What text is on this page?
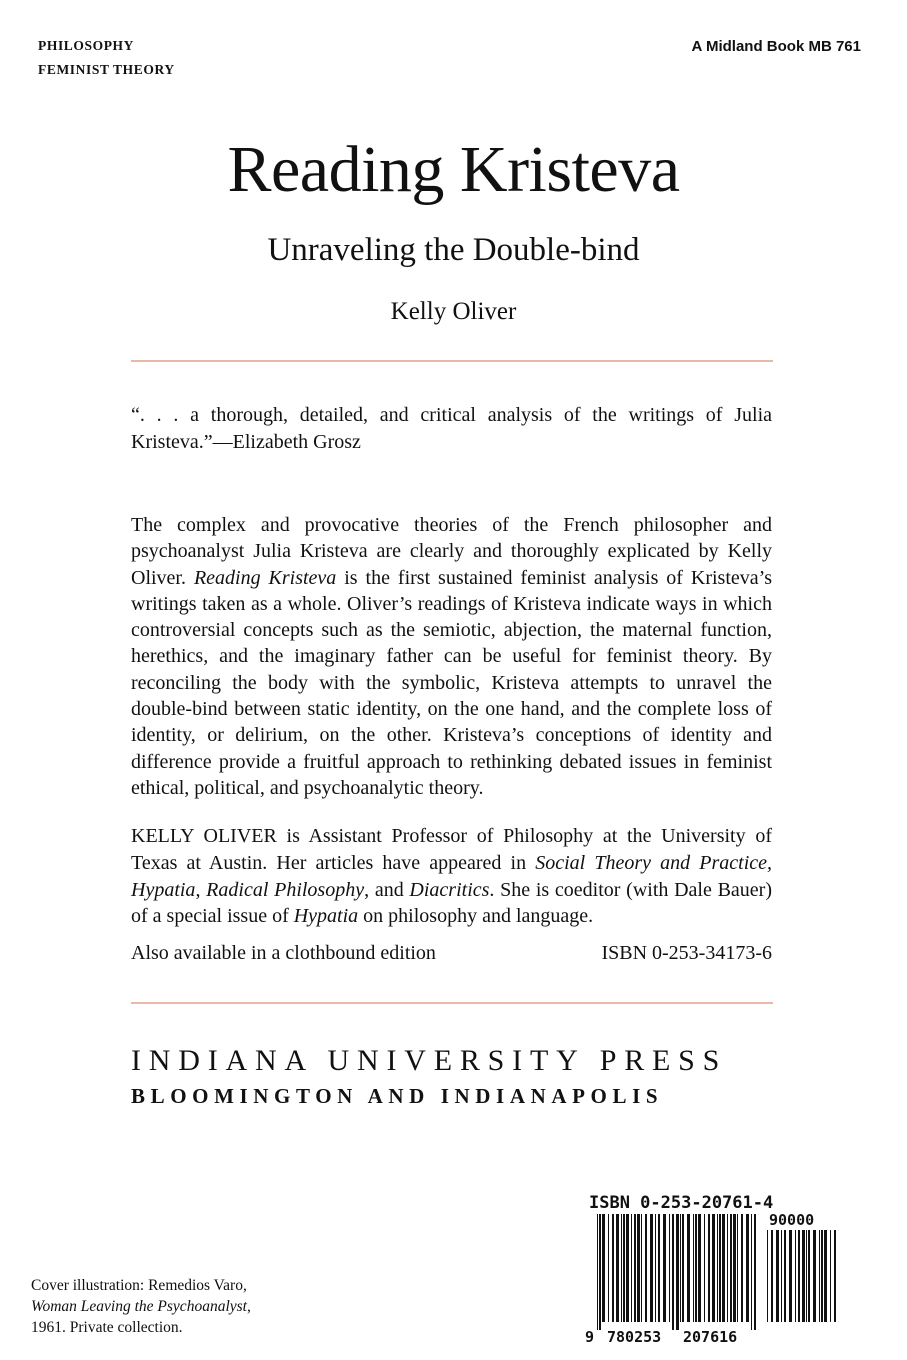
PHILOSOPHY
FEMINIST THEORY
A Midland Book MB 761
Reading Kristeva
Unraveling the Double-bind
Kelly Oliver
“. . . a thorough, detailed, and critical analysis of the writings of Julia Kristeva.”—Elizabeth Grosz
The complex and provocative theories of the French philosopher and psychoanalyst Julia Kristeva are clearly and thoroughly explicated by Kelly Oliver. Reading Kristeva is the first sustained feminist analysis of Kristeva’s writings taken as a whole. Oliver’s readings of Kristeva indicate ways in which controversial concepts such as the semiotic, abjection, the maternal function, herethics, and the imaginary father can be useful for feminist theory. By reconciling the body with the symbolic, Kristeva attempts to unravel the double-bind between static identity, on the one hand, and the complete loss of identity, or delirium, on the other. Kristeva’s conceptions of identity and difference provide a fruitful approach to rethinking debated issues in feminist ethical, political, and psychoanalytic theory.
KELLY OLIVER is Assistant Professor of Philosophy at the University of Texas at Austin. Her articles have appeared in Social Theory and Practice, Hypatia, Radical Philosophy, and Diacritics. She is coeditor (with Dale Bauer) of a special issue of Hypatia on philosophy and language.
Also available in a clothbound edition	ISBN 0-253-34173-6
INDIANA UNIVERSITY PRESS
BLOOMINGTON AND INDIANAPOLIS
Cover illustration: Remedios Varo,
Woman Leaving the Psychoanalyst,
1961. Private collection.
ISBN 0-253-20761-4
90000
9 780253 207616
